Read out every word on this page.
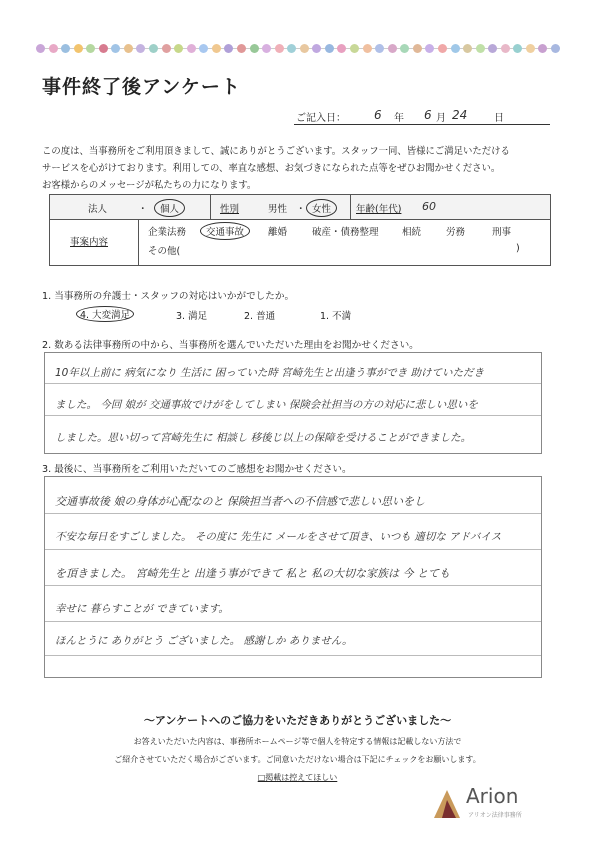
事件終了後アンケート
ご記入日： 6 年 6 月 24	日
この度は、当事務所をご利用頂きまして、誠にありがとうございます。スタッフ一同、皆様にご満足いただける
サービスを心がけております。利用しての、率直な感想、お気づきになられた点等をぜひお聞かせください。
お客様からのメッセージが私たちの力になります。
法人	・	個人	性別	男性 ・ 女性	年齢(年代) 60
事案内容
企業法務	交通事故	離婚	破産・債務整理 相続	労務	刑事
その他(	)
1. 当事務所の弁護士・スタッフの対応はいかがでしたか。
4. 大変満足	3. 満足	2. 普通	1. 不満
2. 数ある法律事務所の中から、当事務所を選んでいただいた理由をお聞かせください。
10年以上前に 病気になり 生活に 困っていた時 宮崎先生と出逢う事ができ 助けていただき
ました。 今回 娘が 交通事故でけがをしてしまい 保険会社担当の方の対応に悲しい思いを
しました。思い切って宮崎先生に 相談し 移後じ以上の保障を受けることができました。
3. 最後に、当事務所をご利用いただいてのご感想をお聞かせください。
交通事故後 娘の身体が心配なのと 保険担当者への不信感で悲しい思いをし
不安な毎日をすごしました。 その度に 先生に メールをさせて頂き、いつも 適切な アドバイス
を頂きました。 宮崎先生と 出逢う事ができて 私と 私の大切な家族は 今 とても
幸せに 暮らすことが できています。
ほんとうに ありがとう ございました。 感謝しか ありません。
～アンケートへのご協力をいただきありがとうございました～
お答えいただいた内容は、事務所ホームページ等で個人を特定する情報は記載しない方法で
ご紹介させていただく場合がございます。ご同意いただけない場合は下記にチェックをお願いします。
□掲載は控えてほしい
Arion
アリオン法律事務所
